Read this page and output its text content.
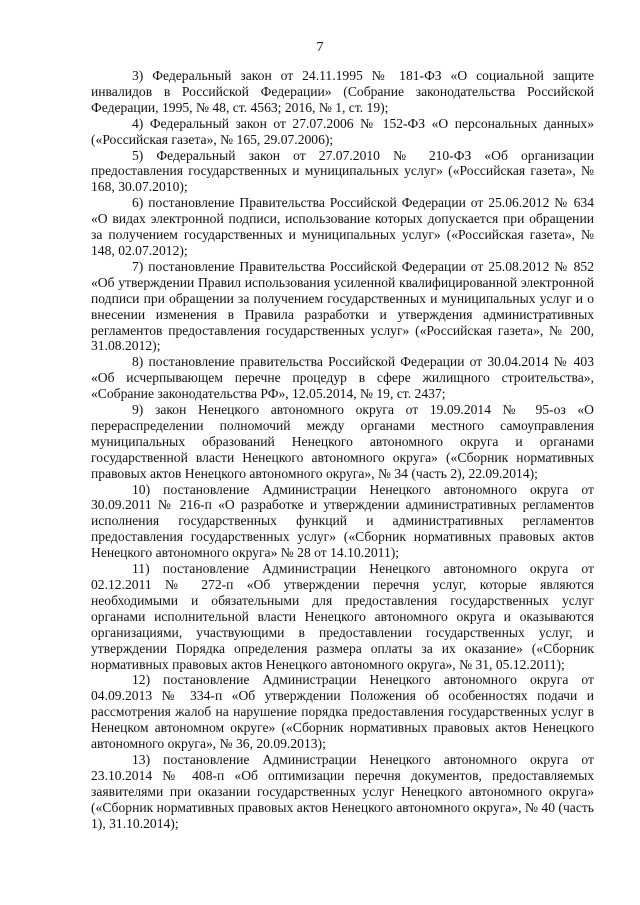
7

3) Федеральный закон от 24.11.1995 № 181-ФЗ «О социальной защите инвалидов в Российской Федерации» (Собрание законодательства Российской Федерации, 1995, № 48, ст. 4563; 2016, № 1, ст. 19);

4) Федеральный закон от 27.07.2006 № 152-ФЗ «О персональных данных» («Российская газета», № 165, 29.07.2006);

5) Федеральный закон от 27.07.2010 № 210-ФЗ «Об организации предоставления государственных и муниципальных услуг» («Российская газета», № 168, 30.07.2010);

6) постановление Правительства Российской Федерации от 25.06.2012 № 634 «О видах электронной подписи, использование которых допускается при обращении за получением государственных и муниципальных услуг» («Российская газета», № 148, 02.07.2012);

7) постановление Правительства Российской Федерации от 25.08.2012 № 852 «Об утверждении Правил использования усиленной квалифицированной электронной подписи при обращении за получением государственных и муниципальных услуг и о внесении изменения в Правила разработки и утверждения административных регламентов предоставления государственных услуг» («Российская газета», № 200, 31.08.2012);

8) постановление правительства Российской Федерации от 30.04.2014 № 403 «Об исчерпывающем перечне процедур в сфере жилищного строительства», «Собрание законодательства РФ», 12.05.2014, № 19, ст. 2437;

9) закон Ненецкого автономного округа от 19.09.2014 № 95-оз «О перераспределении полномочий между органами местного самоуправления муниципальных образований Ненецкого автономного округа и органами государственной власти Ненецкого автономного округа» («Сборник нормативных правовых актов Ненецкого автономного округа», № 34 (часть 2), 22.09.2014);

10) постановление Администрации Ненецкого автономного округа от 30.09.2011 № 216-п «О разработке и утверждении административных регламентов исполнения государственных функций и административных регламентов предоставления государственных услуг» («Сборник нормативных правовых актов Ненецкого автономного округа» № 28 от 14.10.2011);

11) постановление Администрации Ненецкого автономного округа от 02.12.2011 № 272-п «Об утверждении перечня услуг, которые являются необходимыми и обязательными для предоставления государственных услуг органами исполнительной власти Ненецкого автономного округа и оказываются организациями, участвующими в предоставлении государственных услуг, и утверждении Порядка определения размера оплаты за их оказание» («Сборник нормативных правовых актов Ненецкого автономного округа», № 31, 05.12.2011);

12) постановление Администрации Ненецкого автономного округа от 04.09.2013 № 334-п «Об утверждении Положения об особенностях подачи и рассмотрения жалоб на нарушение порядка предоставления государственных услуг в Ненецком автономном округе» («Сборник нормативных правовых актов Ненецкого автономного округа», № 36, 20.09.2013);

13) постановление Администрации Ненецкого автономного округа от 23.10.2014 № 408-п «Об оптимизации перечня документов, предоставляемых заявителями при оказании государственных услуг Ненецкого автономного округа» («Сборник нормативных правовых актов Ненецкого автономного округа», № 40 (часть 1), 31.10.2014);
